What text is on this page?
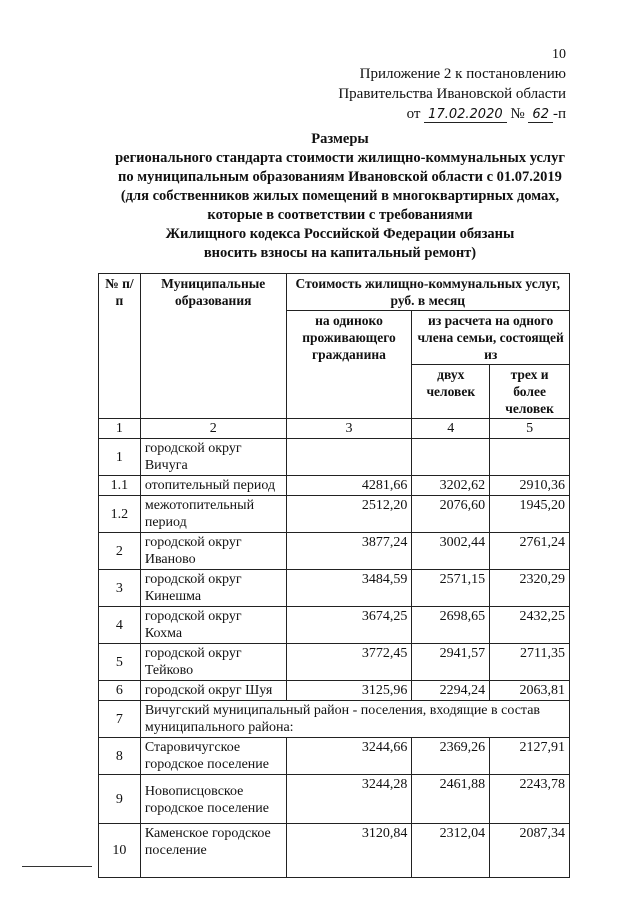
10
Приложение 2 к постановлению
Правительства Ивановской области
от 17.02.2020 № 62 -п
Размеры
регионального стандарта стоимости жилищно-коммунальных услуг
по муниципальным образованиям Ивановской области с 01.07.2019
(для собственников жилых помещений в многоквартирных домах,
которые в соответствии с требованиями
Жилищного кодекса Российской Федерации обязаны
вносить взносы на капитальный ремонт)
№ п/п	Муниципальные образования	Стоимость жилищно-коммунальных услуг, руб. в месяц		
		на одиноко проживающего гражданина	из расчета на одного члена семьи, состоящей из	
			двух человек	трех и более человек
1	2	3	4	5
1	городской округ Вичуга			
1.1	отопительный период	4281,66	3202,62	2910,36
1.2	межотопительный период	2512,20	2076,60	1945,20
2	городской округ Иваново	3877,24	3002,44	2761,24
3	городской округ Кинешма	3484,59	2571,15	2320,29
4	городской округ Кохма	3674,25	2698,65	2432,25
5	городской округ Тейково	3772,45	2941,57	2711,35
6	городской округ Шуя	3125,96	2294,24	2063,81
7	Вичугский муниципальный район - поселения, входящие в состав муниципального района:			
8	Старовичугское городское поселение	3244,66	2369,26	2127,91
9	Новописцовское городское поселение	3244,28	2461,88	2243,78
10	Каменское городское поселение	3120,84	2312,04	2087,34
